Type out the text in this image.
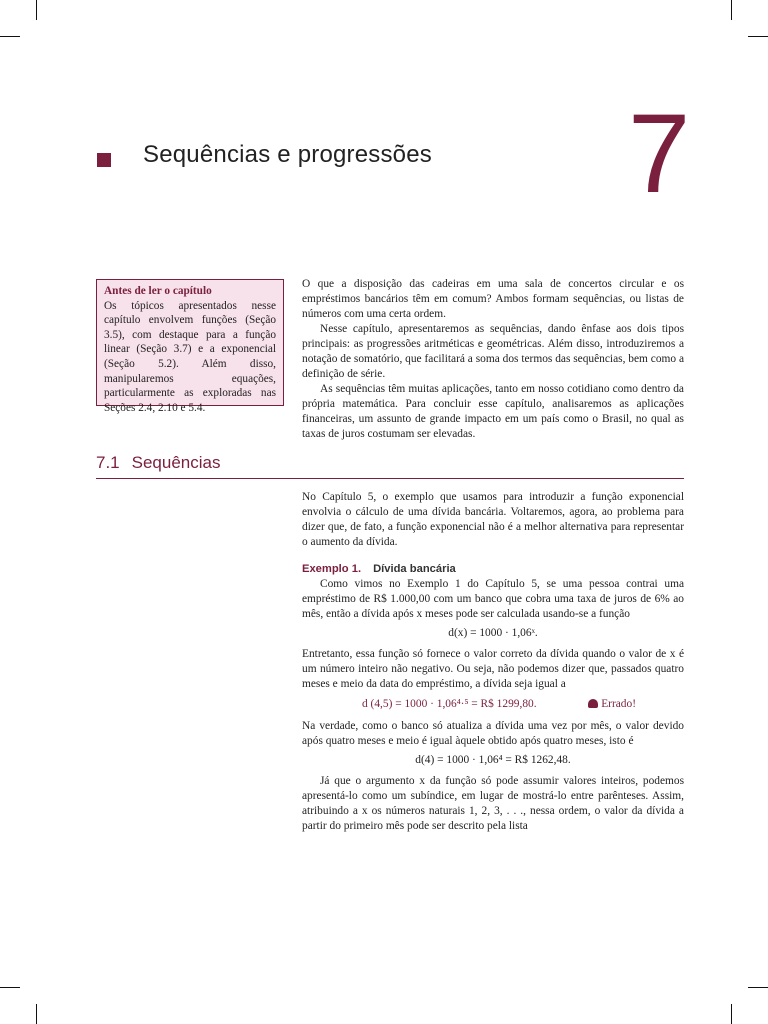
Sequências e progressões 7
Antes de ler o capítulo
Os tópicos apresentados nesse capítulo envolvem funções (Seção 3.5), com destaque para a função linear (Seção 3.7) e a exponencial (Seção 5.2). Além disso, manipularemos equações, particularmente as exploradas nas Seções 2.4, 2.10 e 5.4.

O que a disposição das cadeiras em uma sala de concertos circular e os empréstimos bancários têm em comum? Ambos formam sequências, ou listas de números com uma certa ordem.

Nesse capítulo, apresentaremos as sequências, dando ênfase aos dois tipos principais: as progressões aritméticas e geométricas. Além disso, introduziremos a notação de somatório, que facilitará a soma dos termos das sequências, bem como a definição de série.

As sequências têm muitas aplicações, tanto em nosso cotidiano como dentro da própria matemática. Para concluir esse capítulo, analisaremos as aplicações financeiras, um assunto de grande impacto em um país como o Brasil, no qual as taxas de juros costumam ser elevadas.

7.1 Sequências

No Capítulo 5, o exemplo que usamos para introduzir a função exponencial envolvia o cálculo de uma dívida bancária. Voltaremos, agora, ao problema para dizer que, de fato, a função exponencial não é a melhor alternativa para representar o aumento da dívida.

Exemplo 1. Dívida bancária

Como vimos no Exemplo 1 do Capítulo 5, se uma pessoa contrai uma empréstimo de R$ 1.000,00 com um banco que cobra uma taxa de juros de 6% ao mês, então a dívida após x meses pode ser calculada usando-se a função

d(x) = 1000 · 1,06ˣ.

Entretanto, essa função só fornece o valor correto da dívida quando o valor de x é um número inteiro não negativo. Ou seja, não podemos dizer que, passados quatro meses e meio da data do empréstimo, a dívida seja igual a

d (4,5) = 1000 · 1,06⁴·⁵ = R$ 1299,80.	Errado!

Na verdade, como o banco só atualiza a dívida uma vez por mês, o valor devido após quatro meses e meio é igual àquele obtido após quatro meses, isto é

d(4) = 1000 · 1,06⁴ = R$ 1262,48.

Já que o argumento x da função só pode assumir valores inteiros, podemos apresentá-lo como um subíndice, em lugar de mostrá-lo entre parênteses. Assim, atribuindo a x os números naturais 1, 2, 3, . . ., nessa ordem, o valor da dívida a partir do primeiro mês pode ser descrito pela lista
